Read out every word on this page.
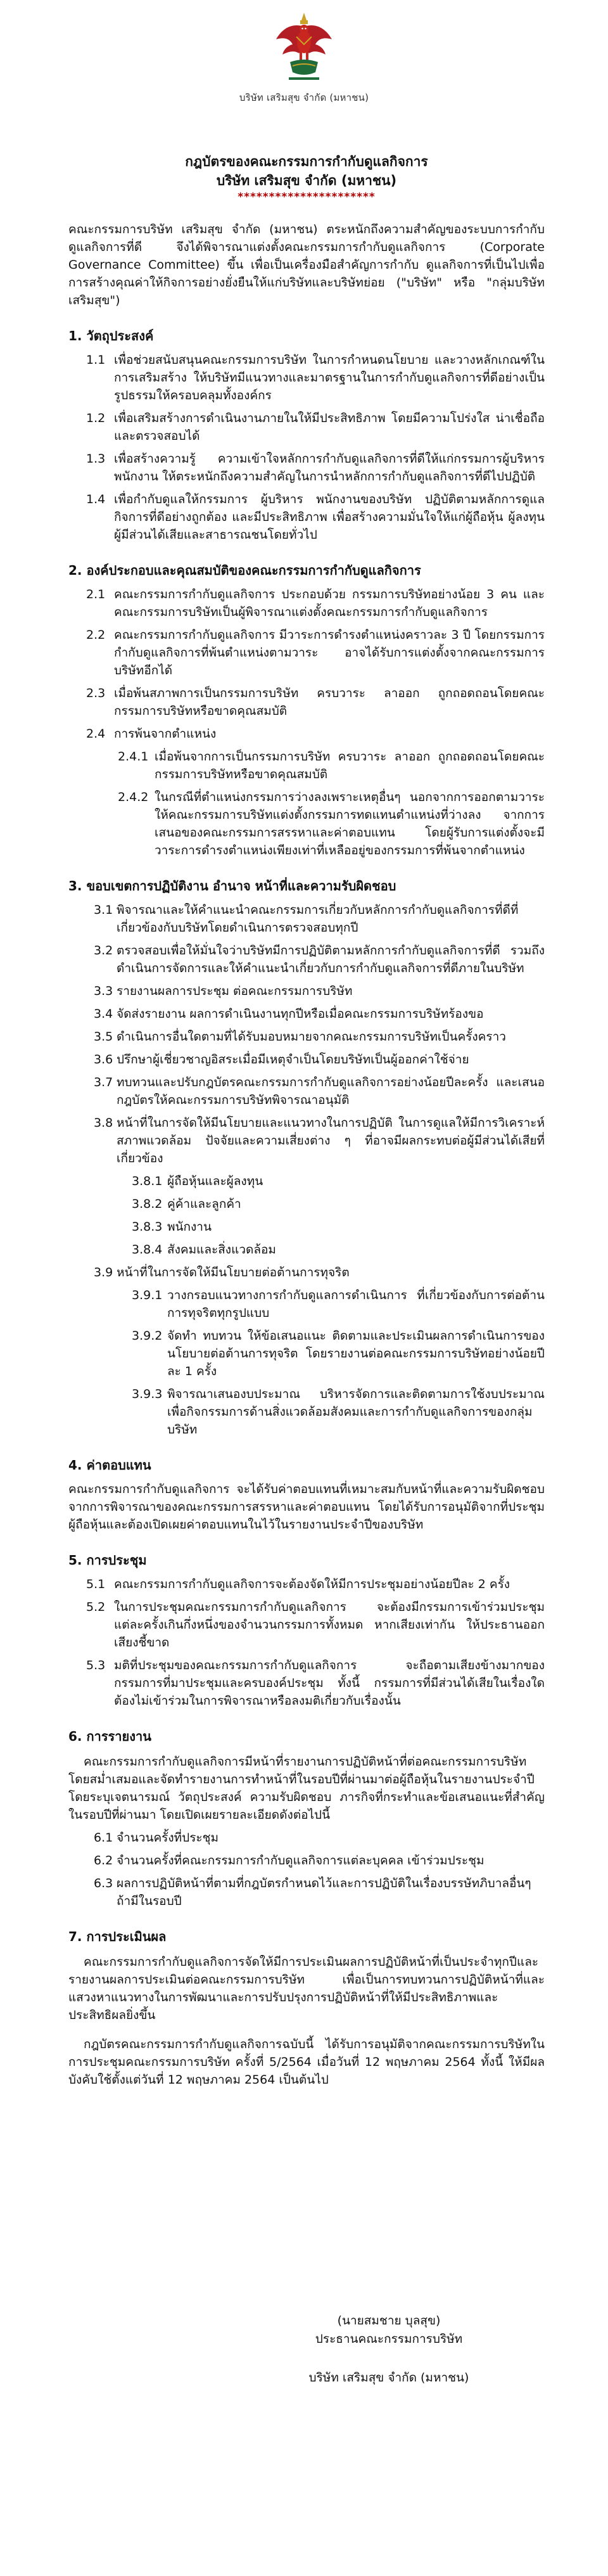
บริษัท เสริมสุข จำกัด (มหาชน)
กฎบัตรของคณะกรรมการกำกับดูแลกิจการ
บริษัท เสริมสุข จำกัด (มหาชน)
**********************

คณะกรรมการบริษัท เสริมสุข จำกัด (มหาชน) ตระหนักถึงความสำคัญของระบบการกำกับดูแลกิจการที่ดี จึงได้พิจารณาแต่งตั้งคณะกรรมการกำกับดูแลกิจการ (Corporate Governance Committee) ขึ้น เพื่อเป็นเครื่องมือสำคัญการกำกับ ดูแลกิจการที่เป็นไปเพื่อการสร้างคุณค่าให้กิจการอย่างยั่งยืนให้แก่บริษัทและบริษัทย่อย ("บริษัท" หรือ "กลุ่มบริษัทเสริมสุข")

1. วัตถุประสงค์
1.1 เพื่อช่วยสนับสนุนคณะกรรมการบริษัท ในการกำหนดนโยบาย และวางหลักเกณฑ์ในการเสริมสร้าง ให้บริษัทมีแนวทางและมาตรฐานในการกำกับดูแลกิจการที่ดีอย่างเป็นรูปธรรมให้ครอบคลุมทั้งองค์กร
1.2 เพื่อเสริมสร้างการดำเนินงานภายในให้มีประสิทธิภาพ โดยมีความโปร่งใส น่าเชื่อถือและตรวจสอบได้
1.3 เพื่อสร้างความรู้ ความเข้าใจหลักการกำกับดูแลกิจการที่ดีให้แก่กรรมการผู้บริหาร พนักงาน ให้ตระหนักถึงความสำคัญในการนำหลักการกำกับดูแลกิจการที่ดีไปปฏิบัติ
1.4 เพื่อกำกับดูแลให้กรรมการ ผู้บริหาร พนักงานของบริษัท ปฏิบัติตามหลักการดูแลกิจการที่ดีอย่างถูกต้อง และมีประสิทธิภาพ เพื่อสร้างความมั่นใจให้แก่ผู้ถือหุ้น ผู้ลงทุน ผู้มีส่วนได้เสียและสาธารณชนโดยทั่วไป
2. องค์ประกอบและคุณสมบัติของคณะกรรมการกำกับดูแลกิจการ
2.1 คณะกรรมการกำกับดูแลกิจการ ประกอบด้วย กรรมการบริษัทอย่างน้อย 3 คน และคณะกรรมการบริษัทเป็นผู้พิจารณาแต่งตั้งคณะกรรมการกำกับดูแลกิจการ
2.2 คณะกรรมการกำกับดูแลกิจการ มีวาระการดำรงตำแหน่งคราวละ 3 ปี โดยกรรมการกำกับดูแลกิจการที่พ้นตำแหน่งตามวาระ อาจได้รับการแต่งตั้งจากคณะกรรมการบริษัทอีกได้
2.3 เมื่อพ้นสภาพการเป็นกรรมการบริษัท ครบวาระ ลาออก ถูกถอดถอนโดยคณะกรรมการบริษัทหรือขาดคุณสมบัติ
2.4 การพ้นจากตำแหน่ง
2.4.1 เมื่อพ้นจากการเป็นกรรมการบริษัท ครบวาระ ลาออก ถูกถอดถอนโดยคณะกรรมการบริษัทหรือขาดคุณสมบัติ
2.4.2 ในกรณีที่ตำแหน่งกรรมการว่างลงเพราะเหตุอื่นๆ นอกจากการออกตามวาระ ให้คณะกรรมการบริษัทแต่งตั้งกรรมการทดแทนตำแหน่งที่ว่างลง จากการเสนอของคณะกรรมการสรรหาและค่าตอบแทน โดยผู้รับการแต่งตั้งจะมีวาระการดำรงตำแหน่งเพียงเท่าที่เหลืออยู่ของกรรมการที่พ้นจากตำแหน่ง
3. ขอบเขตการปฏิบัติงาน อำนาจ หน้าที่และความรับผิดชอบ
3.1 พิจารณาและให้คำแนะนำคณะกรรมการเกี่ยวกับหลักการกำกับดูแลกิจการที่ดีที่เกี่ยวข้องกับบริษัทโดยดำเนินการตรวจสอบทุกปี
3.2 ตรวจสอบเพื่อให้มั่นใจว่าบริษัทมีการปฏิบัติตามหลักการกำกับดูแลกิจการที่ดี รวมถึงดำเนินการจัดการและให้คำแนะนำเกี่ยวกับการกำกับดูแลกิจการที่ดีภายในบริษัท
3.3 รายงานผลการประชุม ต่อคณะกรรมการบริษัท
3.4 จัดส่งรายงาน ผลการดำเนินงานทุกปีหรือเมื่อคณะกรรมการบริษัทร้องขอ
3.5 ดำเนินการอื่นใดตามที่ได้รับมอบหมายจากคณะกรรมการบริษัทเป็นครั้งคราว
3.6 ปรึกษาผู้เชี่ยวชาญอิสระเมื่อมีเหตุจำเป็นโดยบริษัทเป็นผู้ออกค่าใช้จ่าย
3.7 ทบทวนและปรับกฎบัตรคณะกรรมการกำกับดูแลกิจการอย่างน้อยปีละครั้ง และเสนอกฎบัตรให้คณะกรรมการบริษัทพิจารณาอนุมัติ
3.8 หน้าที่ในการจัดให้มีนโยบายและแนวทางในการปฏิบัติ ในการดูแลให้มีการวิเคราะห์ สภาพแวดล้อม ปัจจัยและความเสี่ยงต่าง ๆ ที่อาจมีผลกระทบต่อผู้มีส่วนได้เสียที่เกี่ยวข้อง
3.8.1 ผู้ถือหุ้นและผู้ลงทุน
3.8.2 คู่ค้าและลูกค้า
3.8.3 พนักงาน
3.8.4 สังคมและสิ่งแวดล้อม
3.9 หน้าที่ในการจัดให้มีนโยบายต่อต้านการทุจริต
3.9.1 วางกรอบแนวทางการกำกับดูแลการดำเนินการ ที่เกี่ยวข้องกับการต่อต้านการทุจริตทุกรูปแบบ
3.9.2 จัดทำ ทบทวน ให้ข้อเสนอแนะ ติดตามและประเมินผลการดำเนินการของนโยบายต่อต้านการทุจริต โดยรายงานต่อคณะกรรมการบริษัทอย่างน้อยปีละ 1 ครั้ง
3.9.3 พิจารณาเสนองบประมาณ บริหารจัดการและติดตามการใช้งบประมาณเพื่อกิจกรรมการด้านสิ่งแวดล้อมสังคมและการกำกับดูแลกิจการของกลุ่มบริษัท
4. ค่าตอบแทน

คณะกรรมการกำกับดูแลกิจการ จะได้รับค่าตอบแทนที่เหมาะสมกับหน้าที่และความรับผิดชอบจากการพิจารณาของคณะกรรมการสรรหาและค่าตอบแทน โดยได้รับการอนุมัติจากที่ประชุมผู้ถือหุ้นและต้องเปิดเผยค่าตอบแทนในไว้ในรายงานประจำปีของบริษัท

5. การประชุม
5.1 คณะกรรมการกำกับดูแลกิจการจะต้องจัดให้มีการประชุมอย่างน้อยปีละ 2 ครั้ง
5.2 ในการประชุมคณะกรรมการกำกับดูแลกิจการ จะต้องมีกรรมการเข้าร่วมประชุมแต่ละครั้งเกินกึ่งหนึ่งของจำนวนกรรมการทั้งหมด หากเสียงเท่ากัน ให้ประธานออกเสียงชี้ขาด
5.3 มติที่ประชุมของคณะกรรมการกำกับดูแลกิจการ จะถือตามเสียงข้างมากของกรรมการที่มาประชุมและครบองค์ประชุม ทั้งนี้ กรรมการที่มีส่วนได้เสียในเรื่องใด ต้องไม่เข้าร่วมในการพิจารณาหรือลงมติเกี่ยวกับเรื่องนั้น
6. การรายงาน

คณะกรรมการกำกับดูแลกิจการมีหน้าที่รายงานการปฏิบัติหน้าที่ต่อคณะกรรมการบริษัทโดยสม่ำเสมอและจัดทำรายงานการทำหน้าที่ในรอบปีที่ผ่านมาต่อผู้ถือหุ้นในรายงานประจำปี โดยระบุเจตนารมณ์ วัตถุประสงค์ ความรับผิดชอบ ภารกิจที่กระทำและข้อเสนอแนะที่สำคัญในรอบปีที่ผ่านมา โดยเปิดเผยรายละเอียดดังต่อไปนี้

6.1 จำนวนครั้งที่ประชุม
6.2 จำนวนครั้งที่คณะกรรมการกำกับดูแลกิจการแต่ละบุคคล เข้าร่วมประชุม
6.3 ผลการปฏิบัติหน้าที่ตามที่กฎบัตรกำหนดไว้และการปฏิบัติในเรื่องบรรษัทภิบาลอื่นๆ ถ้ามีในรอบปี
7. การประเมินผล

คณะกรรมการกำกับดูแลกิจการจัดให้มีการประเมินผลการปฏิบัติหน้าที่เป็นประจำทุกปีและรายงานผลการประเมินต่อคณะกรรมการบริษัท เพื่อเป็นการทบทวนการปฏิบัติหน้าที่และแสวงหาแนวทางในการพัฒนาและการปรับปรุงการปฏิบัติหน้าที่ให้มีประสิทธิภาพและประสิทธิผลยิ่งขึ้น

กฎบัตรคณะกรรมการกำกับดูแลกิจการฉบับนี้ ได้รับการอนุมัติจากคณะกรรมการบริษัทในการประชุมคณะกรรมการบริษัท ครั้งที่ 5/2564 เมื่อวันที่ 12 พฤษภาคม 2564 ทั้งนี้ ให้มีผลบังคับใช้ตั้งแต่วันที่ 12 พฤษภาคม 2564 เป็นต้นไป

(นายสมชาย บุลสุข)
ประธานคณะกรรมการบริษัท
บริษัท เสริมสุข จำกัด (มหาชน)
